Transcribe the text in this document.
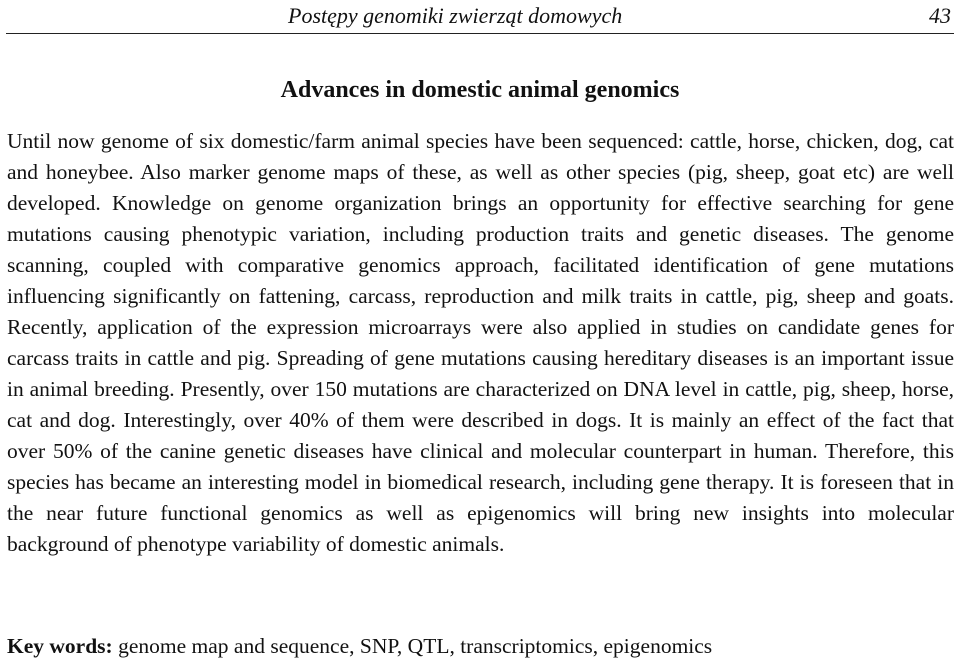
Postępy genomiki zwierząt domowych	43
Advances in domestic animal genomics

Until now genome of six domestic/farm animal species have been sequenced: cattle, horse, chicken, dog, cat and honeybee. Also marker genome maps of these, as well as other species (pig, sheep, goat etc) are well developed. Knowledge on genome organization brings an opportunity for effective searching for gene mutations causing phenotypic variation, including production traits and genetic diseases. The genome scanning, coupled with comparative genomics approach, facilitated identification of gene mutations influencing significantly on fattening, carcass, reproduction and milk traits in cattle, pig, sheep and goats. Recently, application of the expression microarrays were also applied in studies on candidate genes for carcass traits in cattle and pig. Spreading of gene mutations causing hereditary diseases is an important issue in animal breeding. Presently, over 150 mutations are characterized on DNA level in cattle, pig, sheep, horse, cat and dog. Interestingly, over 40% of them were described in dogs. It is mainly an effect of the fact that over 50% of the canine genetic diseases have clinical and molecular counterpart in human. Therefore, this species has became an interesting model in biomedical research, including gene therapy. It is foreseen that in the near future functional genomics as well as epigenomics will bring new insights into molecular background of phenotype variability of domestic animals.

Key words: genome map and sequence, SNP, QTL, transcriptomics, epigenomics
